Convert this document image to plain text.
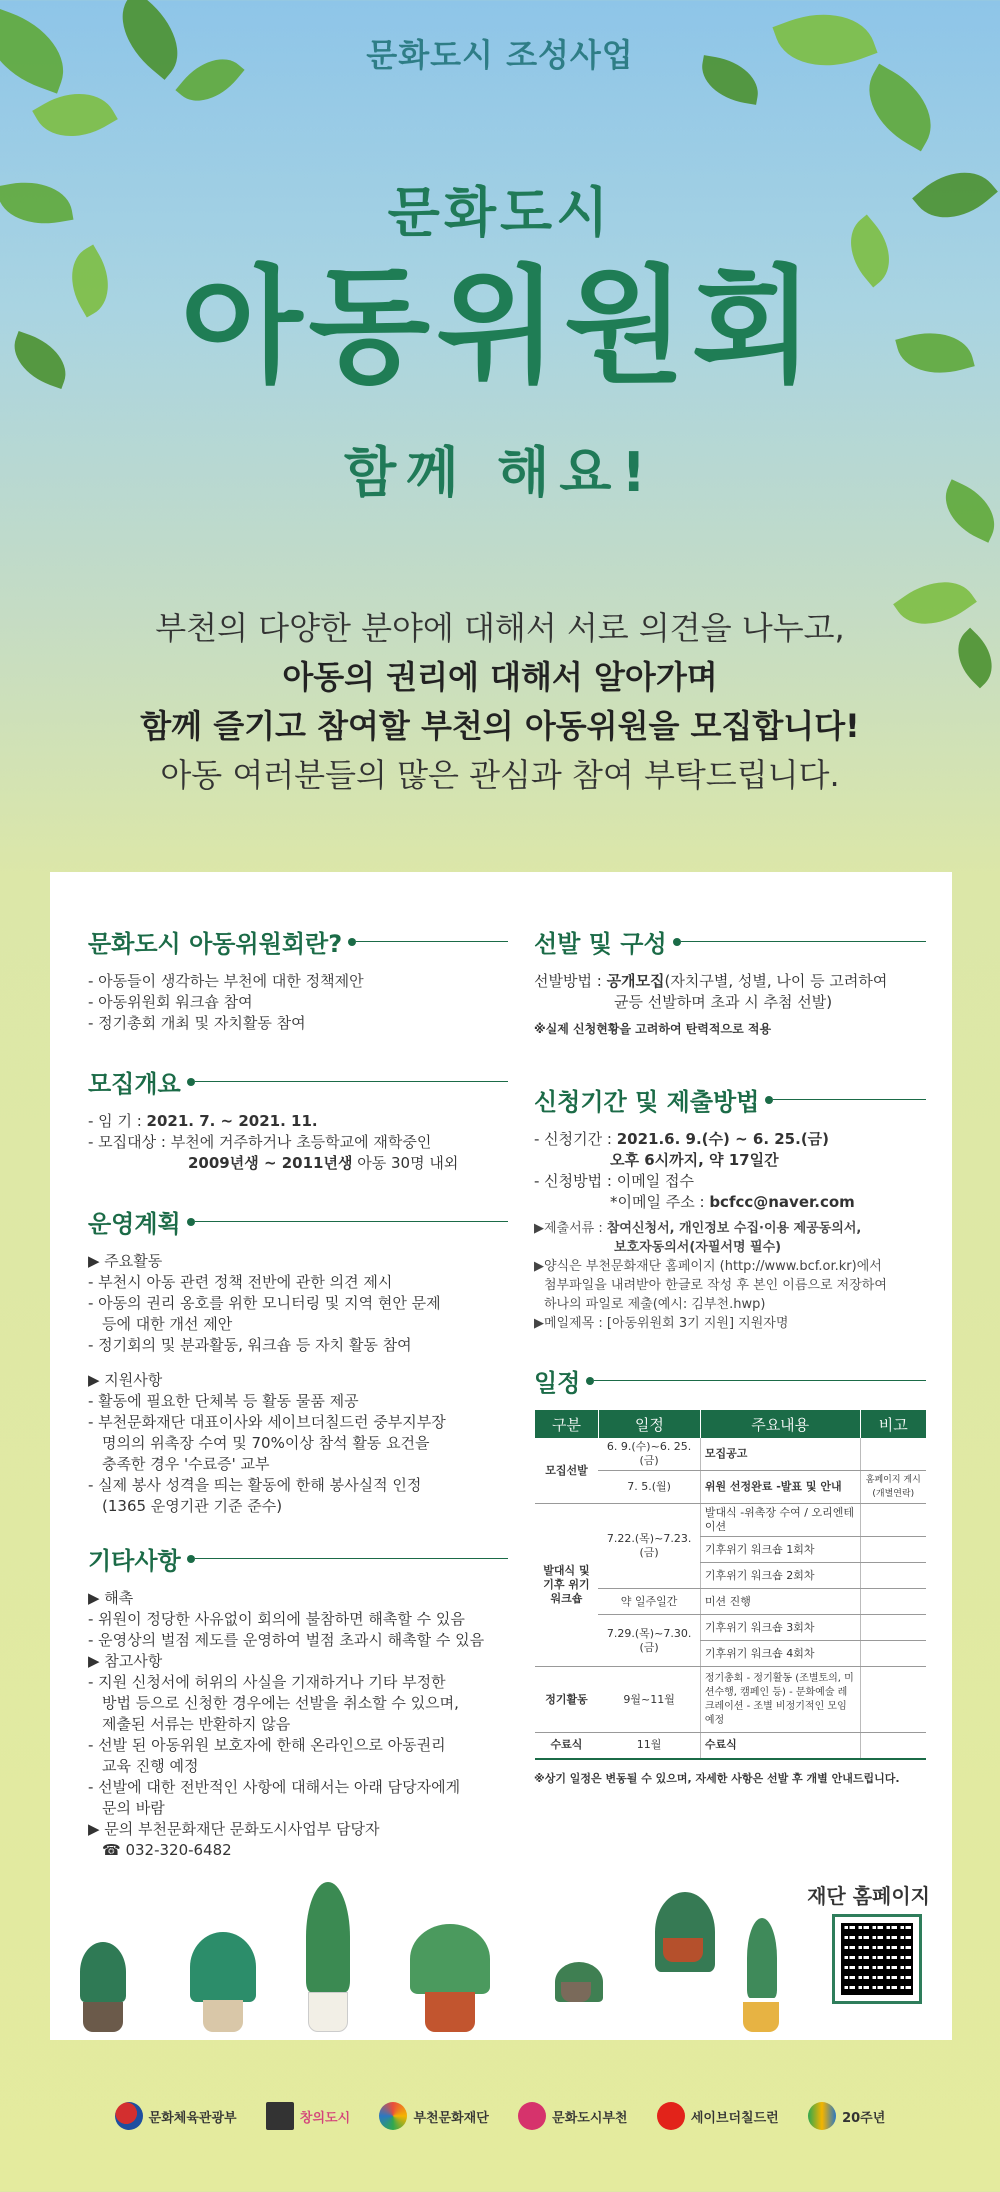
문화도시 조성사업
문화도시
아동위원회
함께 해요!

부천의 다양한 분야에 대해서 서로 의견을 나누고,

아동의 권리에 대해서 알아가며

함께 즐기고 참여할 부천의 아동위원을 모집합니다!

아동 여러분들의 많은 관심과 참여 부탁드립니다.

문화도시 아동위원회란?
- 아동들이 생각하는 부천에 대한 정책제안
- 아동위원회 워크숍 참여
- 정기총회 개최 및 자치활동 참여
모집개요
- 임 기 : 2021. 7. ~ 2021. 11.
- 모집대상 : 부천에 거주하거나 초등학교에 재학중인
2009년생 ~ 2011년생 아동 30명 내외
운영계획
▶ 주요활동
- 부천시 아동 관련 정책 전반에 관한 의견 제시
- 아동의 권리 옹호를 위한 모니터링 및 지역 현안 문제
등에 대한 개선 제안
- 정기회의 및 분과활동, 워크숍 등 자치 활동 참여
▶ 지원사항
- 활동에 필요한 단체복 등 활동 물품 제공
- 부천문화재단 대표이사와 세이브더칠드런 중부지부장
명의의 위촉장 수여 및 70%이상 참석 활동 요건을
충족한 경우 '수료증' 교부
- 실제 봉사 성격을 띄는 활동에 한해 봉사실적 인정
(1365 운영기관 기준 준수)
기타사항
▶ 해촉
- 위원이 정당한 사유없이 회의에 불참하면 해촉할 수 있음
- 운영상의 벌점 제도를 운영하여 벌점 초과시 해촉할 수 있음
▶ 참고사항
- 지원 신청서에 허위의 사실을 기재하거나 기타 부정한
방법 등으로 신청한 경우에는 선발을 취소할 수 있으며,
제출된 서류는 반환하지 않음
- 선발 된 아동위원 보호자에 한해 온라인으로 아동권리
교육 진행 예정
- 선발에 대한 전반적인 사항에 대해서는 아래 담당자에게
문의 바람
▶ 문의 부천문화재단 문화도시사업부 담당자
☎ 032-320-6482
선발 및 구성
선발방법 : 공개모집(자치구별, 성별, 나이 등 고려하여
균등 선발하며 초과 시 추첨 선발)
※실제 신청현황을 고려하여 탄력적으로 적용
신청기간 및 제출방법
- 신청기간 : 2021.6. 9.(수) ~ 6. 25.(금)
오후 6시까지, 약 17일간
- 신청방법 : 이메일 접수
*이메일 주소 : bcfcc@naver.com
▶제출서류 : 참여신청서, 개인정보 수집·이용 제공동의서,
보호자동의서(자필서명 필수)
▶양식은 부천문화재단 홈페이지 (http://www.bcf.or.kr)에서
첨부파일을 내려받아 한글로 작성 후 본인 이름으로 저장하여
하나의 파일로 제출(예시: 김부천.hwp)
▶메일제목 : [아동위원회 3기 지원] 지원자명
일정
구분	일정	주요내용	비고
모집선발	6. 9.(수)~6. 25.(금)	모집공고	
	7. 5.(월)	위원 선정완료 -발표 및 안내	홈페이지 게시 (개별연락)
발대식 및 기후 위기 워크숍	7.22.(목)~7.23.(금)	발대식 -위촉장 수여 / 오리엔테이션	
		기후위기 워크숍 1회차	
		기후위기 워크숍 2회차	
	약 일주일간	미션 진행	
	7.29.(목)~7.30.(금)	기후위기 워크숍 3회차	
		기후위기 워크숍 4회차	
정기활동	9월~11월	정기총회 - 정기활동 (조별토의, 미션수행, 캠페인 등) - 문화예술 레크레이션 - 조별 비정기적인 모임 예정	
수료식	11월	수료식	
※상기 일정은 변동될 수 있으며, 자세한 사항은 선발 후 개별 안내드립니다.
재단 홈페이지
문화체육관광부	창의도시	부천문화재단	문화도시부천	세이브더칠드런	20주년
